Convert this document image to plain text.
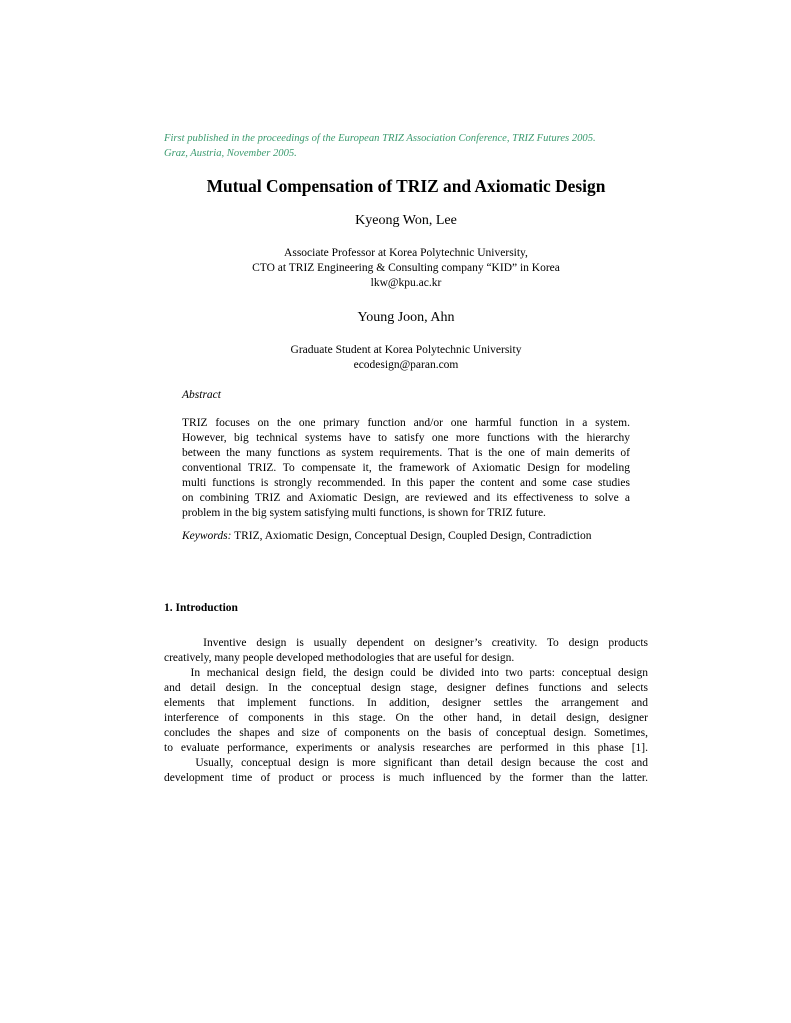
First published in the proceedings of the European TRIZ Association Conference, TRIZ Futures 2005.
Graz, Austria, November 2005.
Mutual Compensation of TRIZ and Axiomatic Design
Kyeong Won, Lee
Associate Professor at Korea Polytechnic University,
CTO at TRIZ Engineering & Consulting company “KID” in Korea
lkw@kpu.ac.kr
Young Joon, Ahn
Graduate Student at Korea Polytechnic University
ecodesign@paran.com
Abstract
TRIZ focuses on the one primary function and/or one harmful function in a system.
However, big technical systems have to satisfy one more functions with the hierarchy
between the many functions as system requirements. That is the one of main demerits of
conventional TRIZ. To compensate it, the framework of Axiomatic Design for modeling
multi functions is strongly recommended. In this paper the content and some case studies
on combining TRIZ and Axiomatic Design, are reviewed and its effectiveness to solve a
problem in the big system satisfying multi functions, is shown for TRIZ future.
Keywords: TRIZ, Axiomatic Design, Conceptual Design, Coupled Design, Contradiction
1. Introduction
Inventive design is usually dependent on designer’s creativity. To design products
creatively, many people developed methodologies that are useful for design.
In mechanical design field, the design could be divided into two parts: conceptual design
and detail design. In the conceptual design stage, designer defines functions and selects
elements that implement functions. In addition, designer settles the arrangement and
interference of components in this stage. On the other hand, in detail design, designer
concludes the shapes and size of components on the basis of conceptual design. Sometimes,
to evaluate performance, experiments or analysis researches are performed in this phase [1].
Usually, conceptual design is more significant than detail design because the cost and
development time of product or process is much influenced by the former than the latter.
